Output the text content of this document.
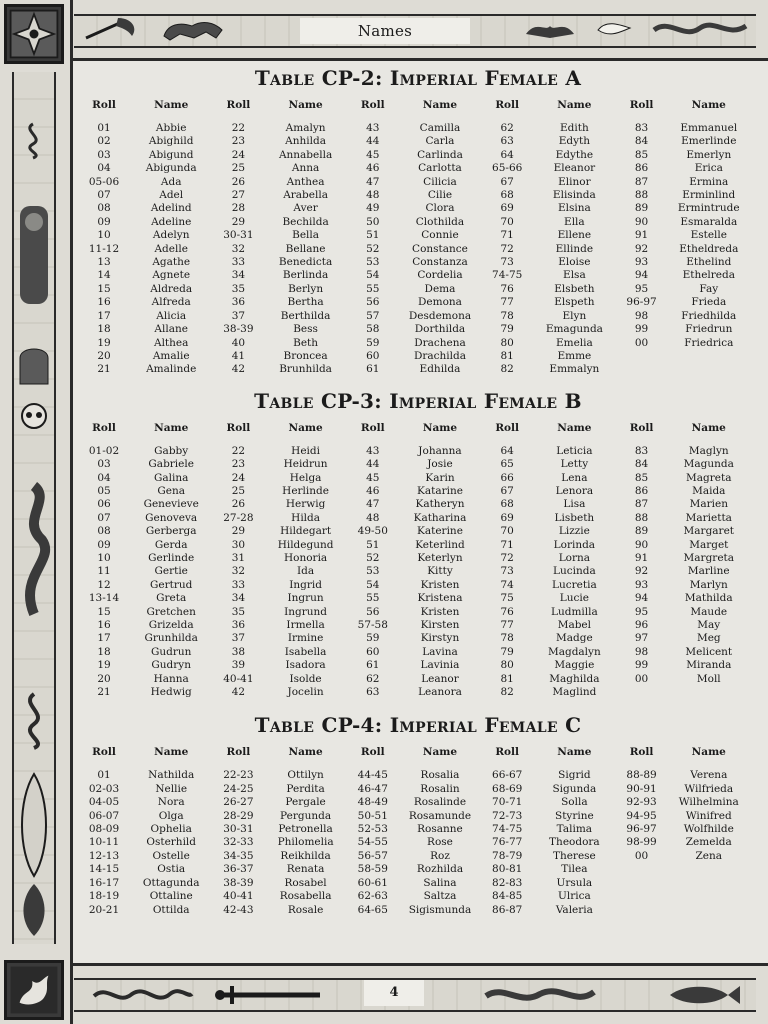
Names
4
Table CP-2: Imperial Female A
Roll	Name	Roll	Name	Roll	Name	Roll	Name	Roll	Name
01	Abbie	22	Amalyn	43	Camilla	62	Edith	83	Emmanuel
02	Abighild	23	Anhilda	44	Carla	63	Edyth	84	Emerlinde
03	Abigund	24	Annabella	45	Carlinda	64	Edythe	85	Emerlyn
04	Abigunda	25	Anna	46	Carlotta	65-66	Eleanor	86	Erica
05-06	Ada	26	Anthea	47	Cilicia	67	Elinor	87	Ermina
07	Adel	27	Arabella	48	Cilie	68	Elisinda	88	Erminlind
08	Adelind	28	Aver	49	Clora	69	Elsina	89	Ermintrude
09	Adeline	29	Bechilda	50	Clothilda	70	Ella	90	Esmaralda
10	Adelyn	30-31	Bella	51	Connie	71	Ellene	91	Estelle
11-12	Adelle	32	Bellane	52	Constance	72	Ellinde	92	Etheldreda
13	Agathe	33	Benedicta	53	Constanza	73	Eloise	93	Ethelind
14	Agnete	34	Berlinda	54	Cordelia	74-75	Elsa	94	Ethelreda
15	Aldreda	35	Berlyn	55	Dema	76	Elsbeth	95	Fay
16	Alfreda	36	Bertha	56	Demona	77	Elspeth	96-97	Frieda
17	Alicia	37	Berthilda	57	Desdemona	78	Elyn	98	Friedhilda
18	Allane	38-39	Bess	58	Dorthilda	79	Emagunda	99	Friedrun
19	Althea	40	Beth	59	Drachena	80	Emelia	00	Friedrica
20	Amalie	41	Broncea	60	Drachilda	81	Emme		
21	Amalinde	42	Brunhilda	61	Edhilda	82	Emmalyn		
Table CP-3: Imperial Female B
Roll	Name	Roll	Name	Roll	Name	Roll	Name	Roll	Name
01-02	Gabby	22	Heidi	43	Johanna	64	Leticia	83	Maglyn
03	Gabriele	23	Heidrun	44	Josie	65	Letty	84	Magunda
04	Galina	24	Helga	45	Karin	66	Lena	85	Magreta
05	Gena	25	Herlinde	46	Katarine	67	Lenora	86	Maida
06	Genevieve	26	Herwig	47	Katheryn	68	Lisa	87	Marien
07	Genoveva	27-28	Hilda	48	Katharina	69	Lisbeth	88	Marietta
08	Gerberga	29	Hildegart	49-50	Katerine	70	Lizzie	89	Margaret
09	Gerda	30	Hildegund	51	Keterlind	71	Lorinda	90	Marget
10	Gerlinde	31	Honoria	52	Keterlyn	72	Lorna	91	Margreta
11	Gertie	32	Ida	53	Kitty	73	Lucinda	92	Marline
12	Gertrud	33	Ingrid	54	Kristen	74	Lucretia	93	Marlyn
13-14	Greta	34	Ingrun	55	Kristena	75	Lucie	94	Mathilda
15	Gretchen	35	Ingrund	56	Kristen	76	Ludmilla	95	Maude
16	Grizelda	36	Irmella	57-58	Kirsten	77	Mabel	96	May
17	Grunhilda	37	Irmine	59	Kirstyn	78	Madge	97	Meg
18	Gudrun	38	Isabella	60	Lavina	79	Magdalyn	98	Melicent
19	Gudryn	39	Isadora	61	Lavinia	80	Maggie	99	Miranda
20	Hanna	40-41	Isolde	62	Leanor	81	Maghilda	00	Moll
21	Hedwig	42	Jocelin	63	Leanora	82	Maglind		
Table CP-4: Imperial Female C
Roll	Name	Roll	Name	Roll	Name	Roll	Name	Roll	Name
01	Nathilda	22-23	Ottilyn	44-45	Rosalia	66-67	Sigrid	88-89	Verena
02-03	Nellie	24-25	Perdita	46-47	Rosalin	68-69	Sigunda	90-91	Wilfrieda
04-05	Nora	26-27	Pergale	48-49	Rosalinde	70-71	Solla	92-93	Wilhelmina
06-07	Olga	28-29	Pergunda	50-51	Rosamunde	72-73	Styrine	94-95	Winifred
08-09	Ophelia	30-31	Petronella	52-53	Rosanne	74-75	Talima	96-97	Wolfhilde
10-11	Osterhild	32-33	Philomelia	54-55	Rose	76-77	Theodora	98-99	Zemelda
12-13	Ostelle	34-35	Reikhilda	56-57	Roz	78-79	Therese	00	Zena
14-15	Ostia	36-37	Renata	58-59	Rozhilda	80-81	Tilea		
16-17	Ottagunda	38-39	Rosabel	60-61	Salina	82-83	Ursula		
18-19	Ottaline	40-41	Rosabella	62-63	Saltza	84-85	Ulrica		
20-21	Ottilda	42-43	Rosale	64-65	Sigismunda	86-87	Valeria		
